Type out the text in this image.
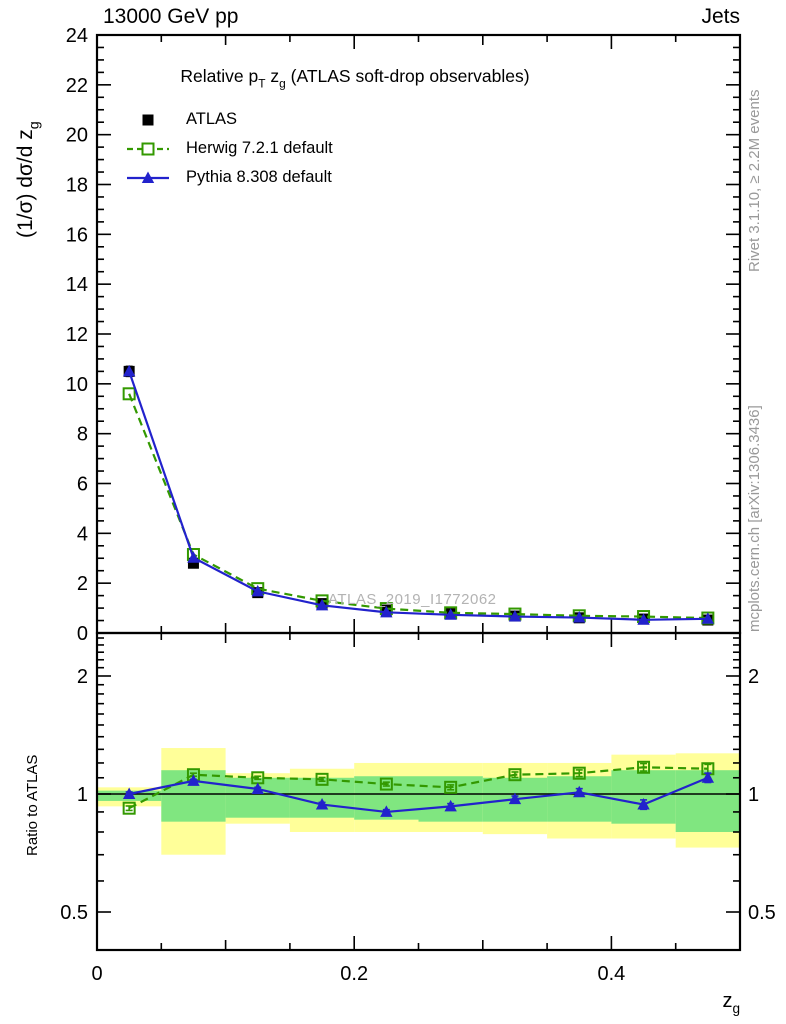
0
2
4
6
8
10
12
14
16
18
20
22
24
0	0.2	0.4
0.5	0.5
1	1
2	2
13000 GeV pp	Jets
Relative $p_T$ $z_g$ (ATLAS soft-drop observables)
(1/σ) dσ/d $z_g$
Ratio to ATLAS
$z_g$
Rivet 3.1.10, ≥ 2.2M events
mcplots.cern.ch [arXiv:1306.3436]
ATLAS_2019_I1772062
ATLAS
Herwig 7.2.1 default
Pythia 8.308 default
